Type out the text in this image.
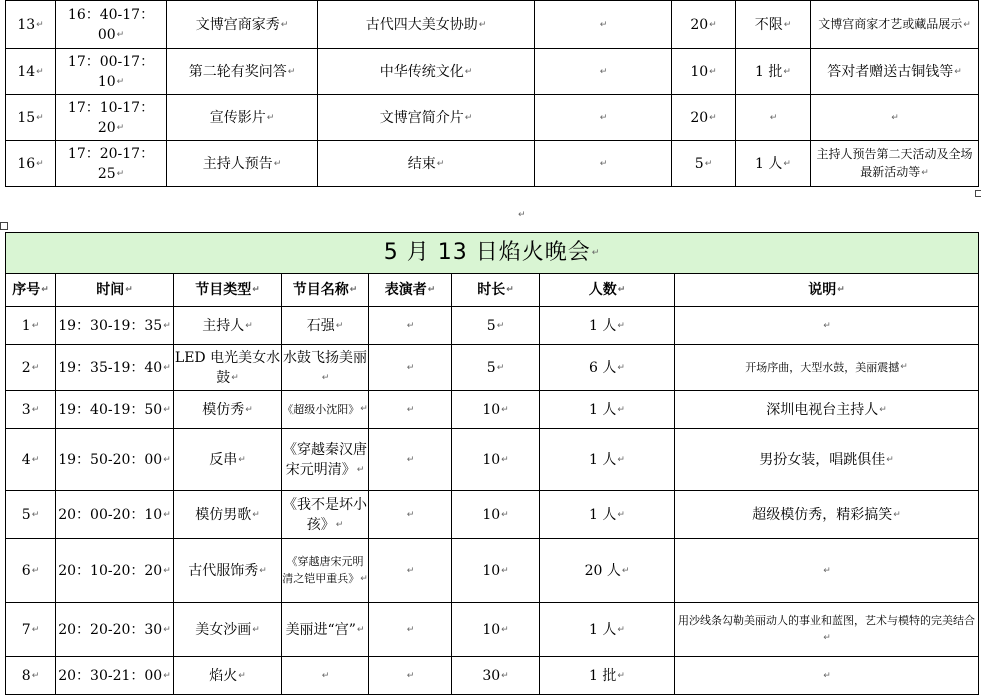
13↵	16：40-17：00↵	文博宫商家秀↵	古代四大美女协助↵	↵	20↵	不限↵	文博宫商家才艺或藏品展示↵
14↵	17：00-17：10↵	第二轮有奖问答↵	中华传统文化↵	↵	10↵	1 批↵	答对者赠送古铜钱等↵
15↵	17：10-17：20↵	宣传影片↵	文博宫简介片↵	↵	20↵	↵	↵
16↵	17：20-17：25↵	主持人预告↵	结束↵	↵	5↵	1 人↵	主持人预告第二天活动及全场最新活动等↵
↵
5 月 13 日焰火晚会↵							
序号↵	时间↵	节目类型↵	节目名称↵	表演者↵	时长↵	人数↵	说明↵
1↵	19：30-19：35↵	主持人↵	石强↵	↵	5↵	1 人↵	↵
2↵	19：35-19：40↵	LED 电光美女水鼓↵	水鼓飞扬美丽↵	↵	5↵	6 人↵	开场序曲，大型水鼓，美丽震撼↵
3↵	19：40-19：50↵	模仿秀↵	《超级小沈阳》↵	↵	10↵	1 人↵	深圳电视台主持人↵
4↵	19：50-20：00↵	反串↵	《穿越秦汉唐宋元明清》↵	↵	10↵	1 人↵	男扮女装，唱跳俱佳↵
5↵	20：00-20：10↵	模仿男歌↵	《我不是坏小孩》↵	↵	10↵	1 人↵	超级模仿秀，精彩搞笑↵
6↵	20：10-20：20↵	古代服饰秀↵	《穿越唐宋元明清之铠甲重兵》↵	↵	10↵	20 人↵	↵
7↵	20：20-20：30↵	美女沙画↵	美丽进“宫”↵	↵	10↵	1 人↵	用沙线条勾勒美丽动人的事业和蓝图，艺术与模特的完美结合↵
8↵	20：30-21：00↵	焰火↵	↵	↵	30↵	1 批↵	↵
